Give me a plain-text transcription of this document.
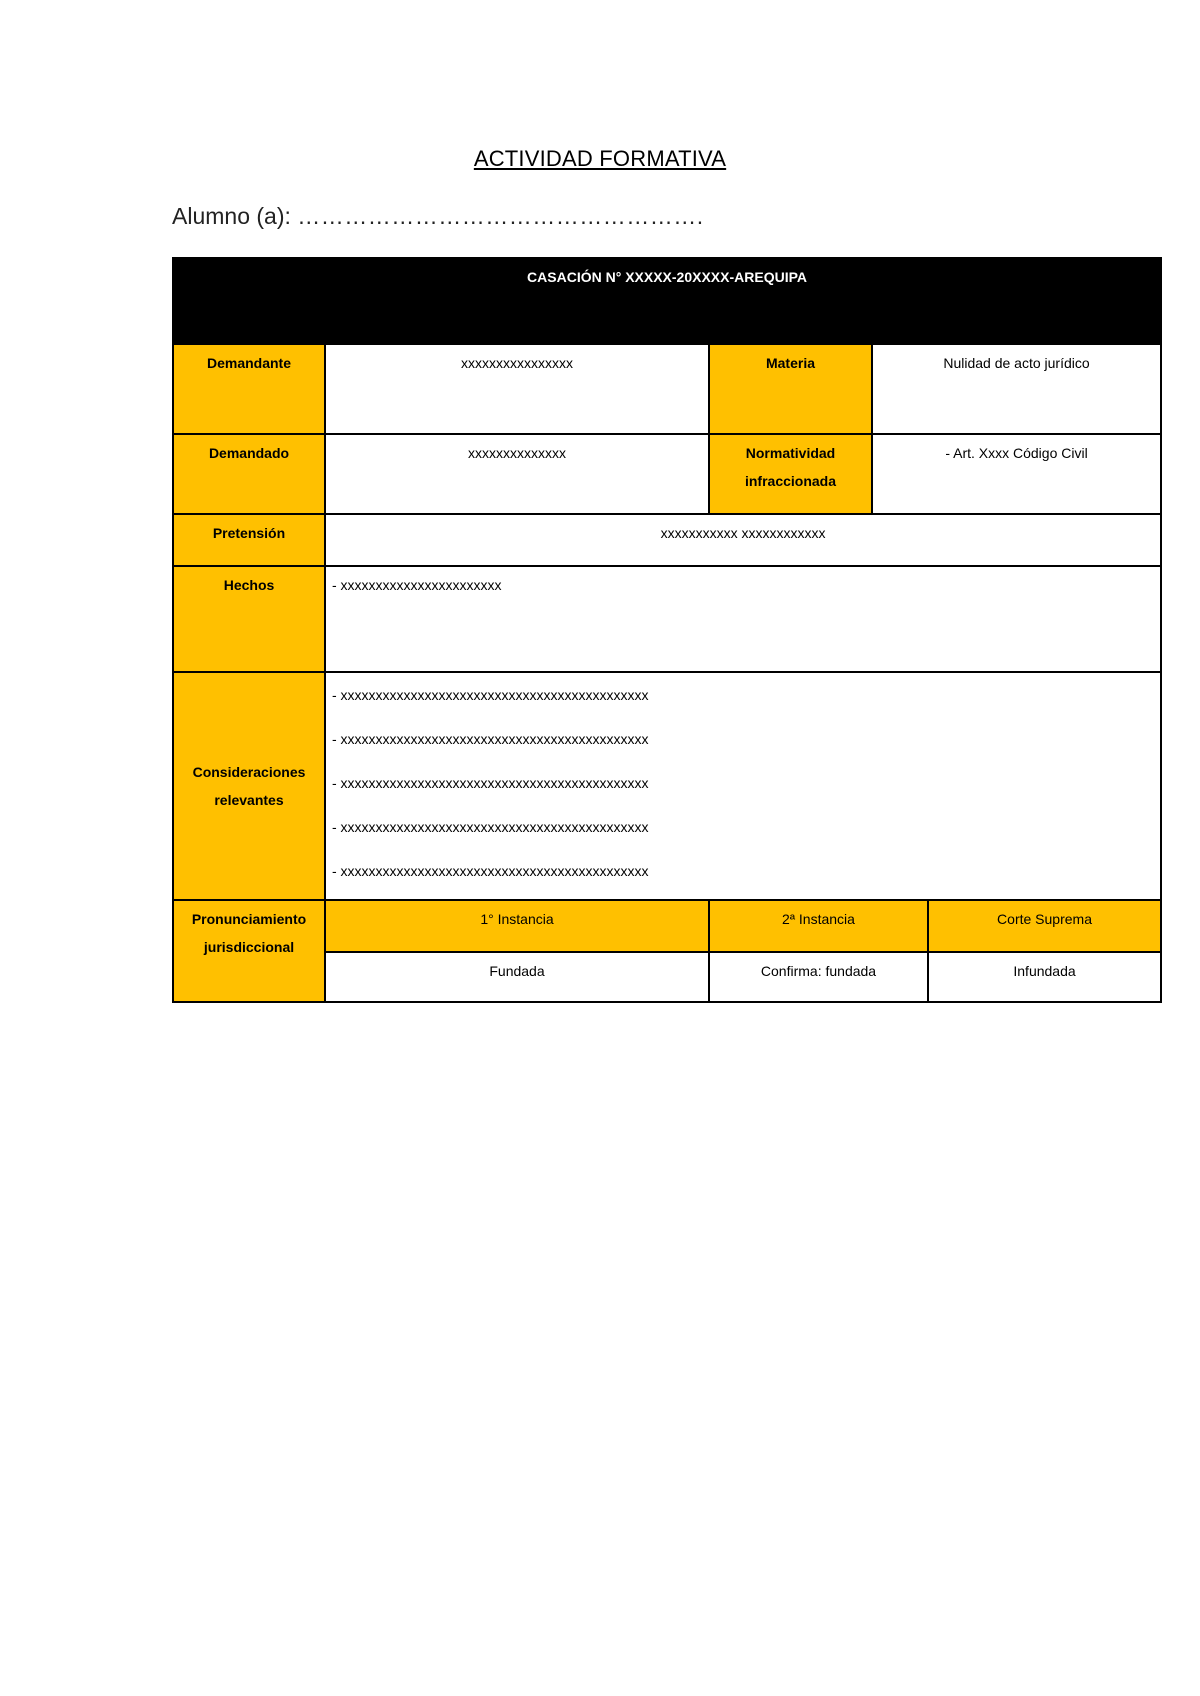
ACTIVIDAD FORMATIVA
Alumno (a): …………………………………………….
CASACIÓN N° XXXXX-20XXXX-AREQUIPA				
Demandante	xxxxxxxxxxxxxxxx	Materia	Nulidad de acto jurídico	
Demandado	xxxxxxxxxxxxxx	Normatividad infraccionada	- Art. Xxxx Código Civil	
Pretensión	xxxxxxxxxxx xxxxxxxxxxxx			
Hechos	- xxxxxxxxxxxxxxxxxxxxxxx			
Consideraciones relevantes	- xxxxxxxxxxxxxxxxxxxxxxxxxxxxxxxxxxxxxxxxxxxx
- xxxxxxxxxxxxxxxxxxxxxxxxxxxxxxxxxxxxxxxxxxxx
- xxxxxxxxxxxxxxxxxxxxxxxxxxxxxxxxxxxxxxxxxxxx
- xxxxxxxxxxxxxxxxxxxxxxxxxxxxxxxxxxxxxxxxxxxx
- xxxxxxxxxxxxxxxxxxxxxxxxxxxxxxxxxxxxxxxxxxxx			

Pronunciamiento jurisdiccional	1° Instancia	2ª Instancia		Corte Suprema
	Fundada	Confirma: fundada		Infundada
